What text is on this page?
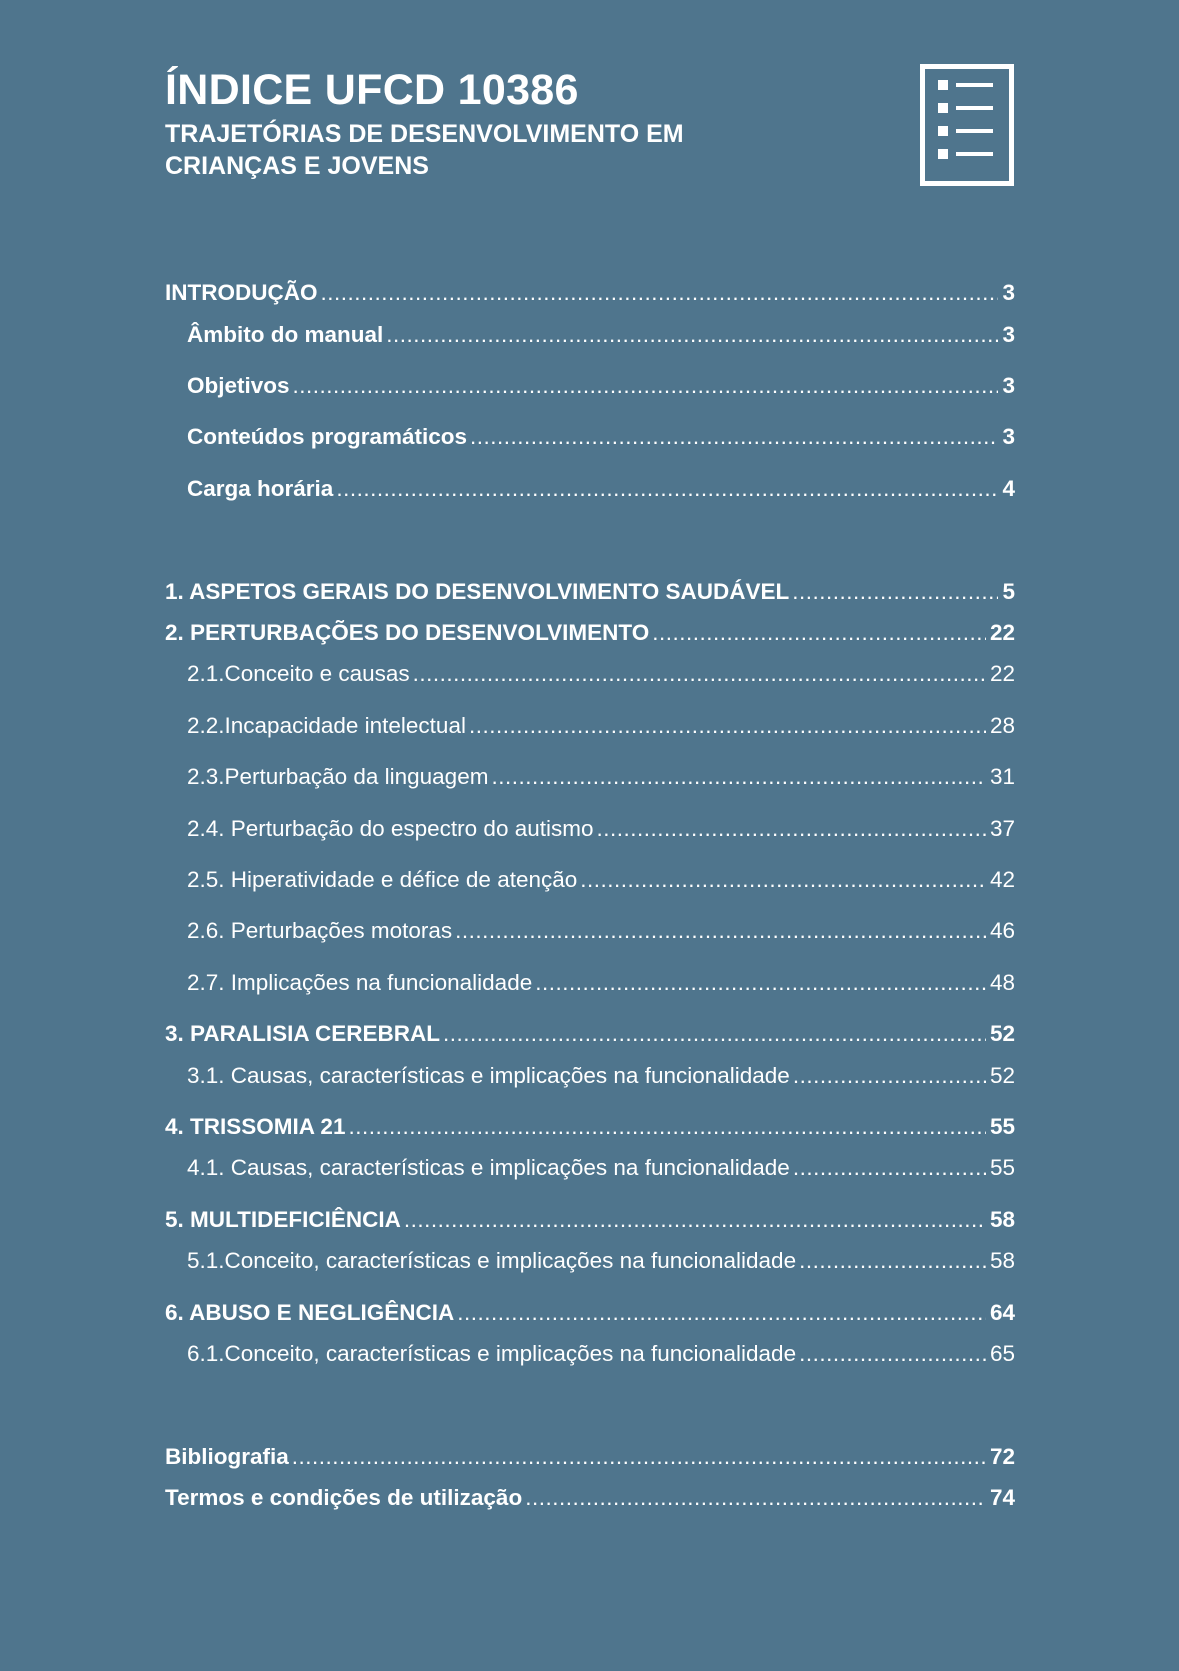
ÍNDICE UFCD 10386
TRAJETÓRIAS DE DESENVOLVIMENTO EM CRIANÇAS E JOVENS
INTRODUÇÃO .....	3
Âmbito do manual .....	3
Objetivos .....	3
Conteúdos programáticos .....	3
Carga horária .....	4
1. ASPETOS GERAIS DO DESENVOLVIMENTO SAUDÁVEL .....	5
2. PERTURBAÇÕES DO DESENVOLVIMENTO .....	22
2.1.Conceito e causas .....	22
2.2.Incapacidade intelectual .....	28
2.3.Perturbação da linguagem .....	31
2.4. Perturbação do espectro do autismo .....	37
2.5. Hiperatividade e défice de atenção .....	42
2.6. Perturbações motoras .....	46
2.7. Implicações na funcionalidade .....	48
3. PARALISIA CEREBRAL .....	52
3.1. Causas, características e implicações na funcionalidade .....	52
4. TRISSOMIA 21 .....	55
4.1. Causas, características e implicações na funcionalidade .....	55
5. MULTIDEFICIÊNCIA .....	58
5.1.Conceito, características e implicações na funcionalidade .....	58
6. ABUSO E NEGLIGÊNCIA .....	64
6.1.Conceito, características e implicações na funcionalidade .....	65
Bibliografia .....	72
Termos e condições de utilização .....	74
